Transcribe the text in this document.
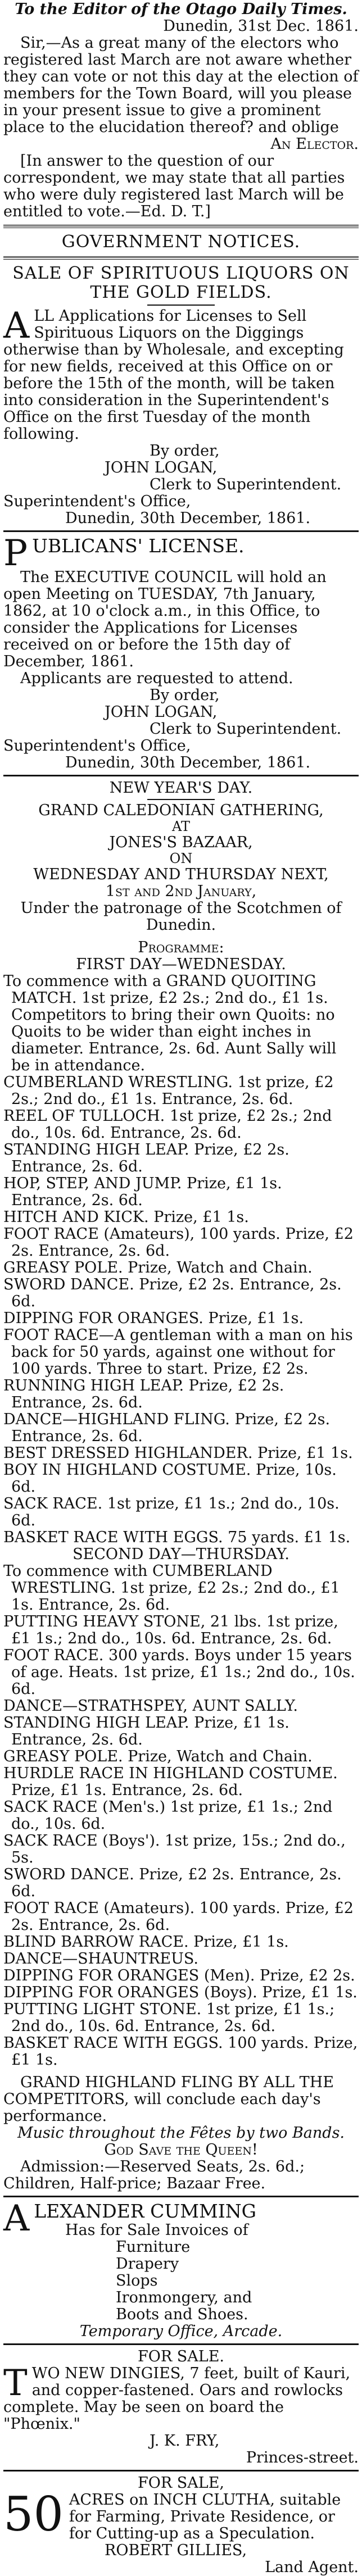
To the Editor of the Otago Daily Times.
Dunedin, 31st Dec. 1861.

Sir,—As a great many of the electors who registered last March are not aware whether they can vote or not this day at the election of members for the Town Board, will you please in your present issue to give a prominent place to the elucidation thereof? and oblige

An Elector.

[In answer to the question of our correspondent, we may state that all parties who were duly registered last March will be entitled to vote.—Ed. D. T.]

GOVERNMENT NOTICES.
SALE OF SPIRITUOUS LIQUORS ON THE GOLD FIELDS.

ALL Applications for Licenses to Sell Spirituous Liquors on the Diggings otherwise than by Wholesale, and excepting for new fields, received at this Office on or before the 15th of the month, will be taken into consideration in the Superintendent's Office on the first Tuesday of the month following.

By order,
JOHN LOGAN,
Clerk to Superintendent.
Superintendent's Office,
Dunedin, 30th December, 1861.
PUBLICANS' LICENSE.

The EXECUTIVE COUNCIL will hold an open Meeting on TUESDAY, 7th January, 1862, at 10 o'clock a.m., in this Office, to consider the Applications for Licenses received on or before the 15th day of December, 1861.

Applicants are requested to attend.

By order,
JOHN LOGAN,
Clerk to Superintendent.
Superintendent's Office,
Dunedin, 30th December, 1861.
NEW YEAR'S DAY.
GRAND CALEDONIAN GATHERING,
AT
JONES'S BAZAAR,
ON
WEDNESDAY AND THURSDAY NEXT,
1st and 2nd January,
Under the patronage of the Scotchmen of Dunedin.
Programme:
FIRST DAY—WEDNESDAY.
To commence with a GRAND QUOITING MATCH. 1st prize, £2 2s.; 2nd do., £1 1s. Competitors to bring their own Quoits: no Quoits to be wider than eight inches in diameter. Entrance, 2s. 6d. Aunt Sally will be in attendance.
CUMBERLAND WRESTLING. 1st prize, £2 2s.; 2nd do., £1 1s. Entrance, 2s. 6d.
REEL OF TULLOCH. 1st prize, £2 2s.; 2nd do., 10s. 6d. Entrance, 2s. 6d.
STANDING HIGH LEAP. Prize, £2 2s. Entrance, 2s. 6d.
HOP, STEP, AND JUMP. Prize, £1 1s. Entrance, 2s. 6d.
HITCH AND KICK. Prize, £1 1s.
FOOT RACE (Amateurs), 100 yards. Prize, £2 2s. Entrance, 2s. 6d.
GREASY POLE. Prize, Watch and Chain.
SWORD DANCE. Prize, £2 2s. Entrance, 2s. 6d.
DIPPING FOR ORANGES. Prize, £1 1s.
FOOT RACE—A gentleman with a man on his back for 50 yards, against one without for 100 yards. Three to start. Prize, £2 2s.
RUNNING HIGH LEAP. Prize, £2 2s. Entrance, 2s. 6d.
DANCE—HIGHLAND FLING. Prize, £2 2s. Entrance, 2s. 6d.
BEST DRESSED HIGHLANDER. Prize, £1 1s.
BOY IN HIGHLAND COSTUME. Prize, 10s. 6d.
SACK RACE. 1st prize, £1 1s.; 2nd do., 10s. 6d.
BASKET RACE WITH EGGS. 75 yards. £1 1s.
SECOND DAY—THURSDAY.
To commence with CUMBERLAND WRESTLING. 1st prize, £2 2s.; 2nd do., £1 1s. Entrance, 2s. 6d.
PUTTING HEAVY STONE, 21 lbs. 1st prize, £1 1s.; 2nd do., 10s. 6d. Entrance, 2s. 6d.
FOOT RACE. 300 yards. Boys under 15 years of age. Heats. 1st prize, £1 1s.; 2nd do., 10s. 6d.
DANCE—STRATHSPEY, AUNT SALLY.
STANDING HIGH LEAP. Prize, £1 1s. Entrance, 2s. 6d.
GREASY POLE. Prize, Watch and Chain.
HURDLE RACE IN HIGHLAND COSTUME. Prize, £1 1s. Entrance, 2s. 6d.
SACK RACE (Men's.) 1st prize, £1 1s.; 2nd do., 10s. 6d.
SACK RACE (Boys'). 1st prize, 15s.; 2nd do., 5s.
SWORD DANCE. Prize, £2 2s. Entrance, 2s. 6d.
FOOT RACE (Amateurs). 100 yards. Prize, £2 2s. Entrance, 2s. 6d.
BLIND BARROW RACE. Prize, £1 1s.
DANCE—SHAUNTREUS.
DIPPING FOR ORANGES (Men). Prize, £2 2s.
DIPPING FOR ORANGES (Boys). Prize, £1 1s.
PUTTING LIGHT STONE. 1st prize, £1 1s.; 2nd do., 10s. 6d. Entrance, 2s. 6d.
BASKET RACE WITH EGGS. 100 yards. Prize, £1 1s.

GRAND HIGHLAND FLING BY ALL THE COMPETITORS, will conclude each day's performance.

Music throughout the Fêtes by two Bands.
God Save the Queen!

Admission:—Reserved Seats, 2s. 6d.; Children, Half-price; Bazaar Free.

ALEXANDER CUMMING
Has for Sale Invoices of
Furniture
Drapery
Slops
Ironmongery, and
Boots and Shoes.
Temporary Office, Arcade.
FOR SALE.

TWO NEW DINGIES, 7 feet, built of Kauri, and copper-fastened. Oars and rowlocks complete. May be seen on board the "Phœnix."

J. K. FRY,
Princes-street.
FOR SALE,

50 ACRES on INCH CLUTHA, suitable for Farming, Private Residence, or for Cutting-up as a Speculation.

ROBERT GILLIES,
Land Agent.
